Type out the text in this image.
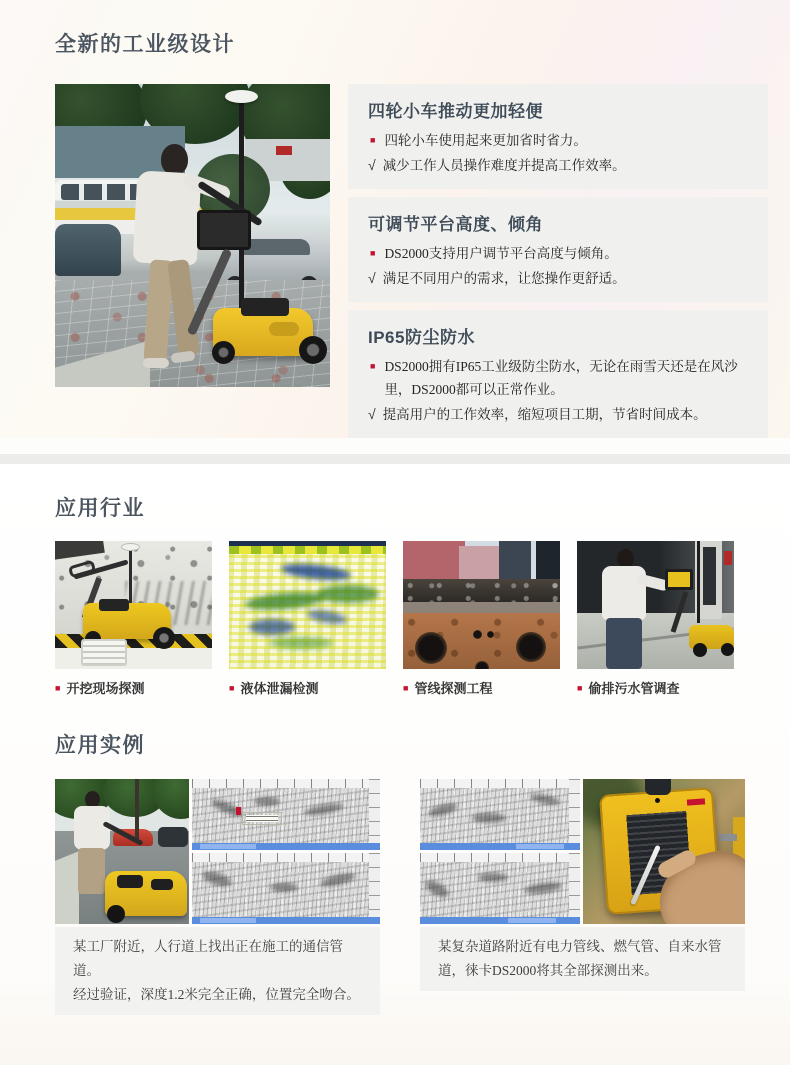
全新的工业级设计
四轮小车推动更加轻便
■ 四轮小车使用起来更加省时省力。
√ 减少工作人员操作难度并提高工作效率。
可调节平台高度、倾角
■ DS2000支持用户调节平台高度与倾角。
√ 满足不同用户的需求，让您操作更舒适。
IP65防尘防水
■ DS2000拥有IP65工业级防尘防水，无论在雨雪天还是在风沙里，DS2000都可以正常作业。
√ 提高用户的工作效率，缩短项目工期，节省时间成本。
应用行业
■ 开挖现场探测	■ 液体泄漏检测	■ 管线探测工程	■ 偷排污水管调查
应用实例
某工厂附近，人行道上找出正在施工的通信管道。
经过验证，深度1.2米完全正确，位置完全吻合。
某复杂道路附近有电力管线、燃气管、自来水管
道，徕卡DS2000将其全部探测出来。
